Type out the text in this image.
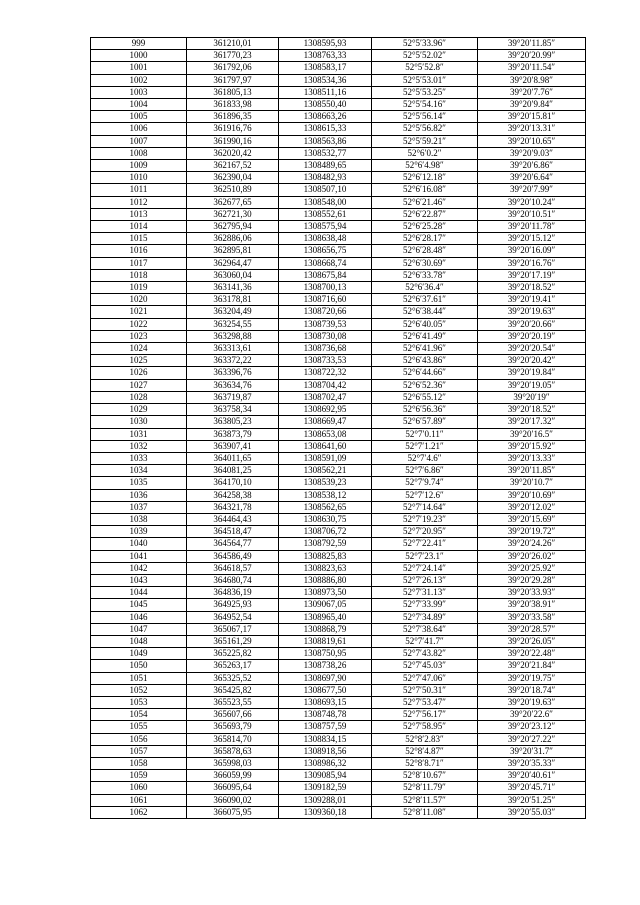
999	361210,01	1308595,93	52°5′33.96″	39°20′11.85″
1000	361770,23	1308763,33	52°5′52.02″	39°20′20.99″
1001	361792,06	1308583,17	52°5′52.8″	39°20′11.54″
1002	361797,97	1308534,36	52°5′53.01″	39°20′8.98″
1003	361805,13	1308511,16	52°5′53.25″	39°20′7.76″
1004	361833,98	1308550,40	52°5′54.16″	39°20′9.84″
1005	361896,35	1308663,26	52°5′56.14″	39°20′15.81″
1006	361916,76	1308615,33	52°5′56.82″	39°20′13.31″
1007	361990,16	1308563,86	52°5′59.21″	39°20′10.65″
1008	362020,42	1308532,77	52°6′0.2″	39°20′9.03″
1009	362167,52	1308489,65	52°6′4.98″	39°20′6.86″
1010	362390,04	1308482,93	52°6′12.18″	39°20′6.64″
1011	362510,89	1308507,10	52°6′16.08″	39°20′7.99″
1012	362677,65	1308548,00	52°6′21.46″	39°20′10.24″
1013	362721,30	1308552,61	52°6′22.87″	39°20′10.51″
1014	362795,94	1308575,94	52°6′25.28″	39°20′11.78″
1015	362886,06	1308638,48	52°6′28.17″	39°20′15.12″
1016	362895,81	1308656,75	52°6′28.48″	39°20′16.09″
1017	362964,47	1308668,74	52°6′30.69″	39°20′16.76″
1018	363060,04	1308675,84	52°6′33.78″	39°20′17.19″
1019	363141,36	1308700,13	52°6′36.4″	39°20′18.52″
1020	363178,81	1308716,60	52°6′37.61″	39°20′19.41″
1021	363204,49	1308720,66	52°6′38.44″	39°20′19.63″
1022	363254,55	1308739,53	52°6′40.05″	39°20′20.66″
1023	363298,88	1308730,08	52°6′41.49″	39°20′20.19″
1024	363313,61	1308736,68	52°6′41.96″	39°20′20.54″
1025	363372,22	1308733,53	52°6′43.86″	39°20′20.42″
1026	363396,76	1308722,32	52°6′44.66″	39°20′19.84″
1027	363634,76	1308704,42	52°6′52.36″	39°20′19.05″
1028	363719,87	1308702,47	52°6′55.12″	39°20′19″
1029	363758,34	1308692,95	52°6′56.36″	39°20′18.52″
1030	363805,23	1308669,47	52°6′57.89″	39°20′17.32″
1031	363873,79	1308653,08	52°7′0.11″	39°20′16.5″
1032	363907,41	1308641,60	52°7′1.21″	39°20′15.92″
1033	364011,65	1308591,09	52°7′4.6″	39°20′13.33″
1034	364081,25	1308562,21	52°7′6.86″	39°20′11.85″
1035	364170,10	1308539,23	52°7′9.74″	39°20′10.7″
1036	364258,38	1308538,12	52°7′12.6″	39°20′10.69″
1037	364321,78	1308562,65	52°7′14.64″	39°20′12.02″
1038	364464,43	1308630,75	52°7′19.23″	39°20′15.69″
1039	364518,47	1308706,72	52°7′20.95″	39°20′19.72″
1040	364564,77	1308792,59	52°7′22.41″	39°20′24.26″
1041	364586,49	1308825,83	52°7′23.1″	39°20′26.02″
1042	364618,57	1308823,63	52°7′24.14″	39°20′25.92″
1043	364680,74	1308886,80	52°7′26.13″	39°20′29.28″
1044	364836,19	1308973,50	52°7′31.13″	39°20′33.93″
1045	364925,93	1309067,05	52°7′33.99″	39°20′38.91″
1046	364952,54	1308965,40	52°7′34.89″	39°20′33.58″
1047	365067,17	1308868,79	52°7′38.64″	39°20′28.57″
1048	365161,29	1308819,61	52°7′41.7″	39°20′26.05″
1049	365225,82	1308750,95	52°7′43.82″	39°20′22.48″
1050	365263,17	1308738,26	52°7′45.03″	39°20′21.84″
1051	365325,52	1308697,90	52°7′47.06″	39°20′19.75″
1052	365425,82	1308677,50	52°7′50.31″	39°20′18.74″
1053	365523,55	1308693,15	52°7′53.47″	39°20′19.63″
1054	365607,66	1308748,78	52°7′56.17″	39°20′22.6″
1055	365693,79	1308757,59	52°7′58.95″	39°20′23.12″
1056	365814,70	1308834,15	52°8′2.83″	39°20′27.22″
1057	365878,63	1308918,56	52°8′4.87″	39°20′31.7″
1058	365998,03	1308986,32	52°8′8.71″	39°20′35.33″
1059	366059,99	1309085,94	52°8′10.67″	39°20′40.61″
1060	366095,64	1309182,59	52°8′11.79″	39°20′45.71″
1061	366090,02	1309288,01	52°8′11.57″	39°20′51.25″
1062	366075,95	1309360,18	52°8′11.08″	39°20′55.03″
